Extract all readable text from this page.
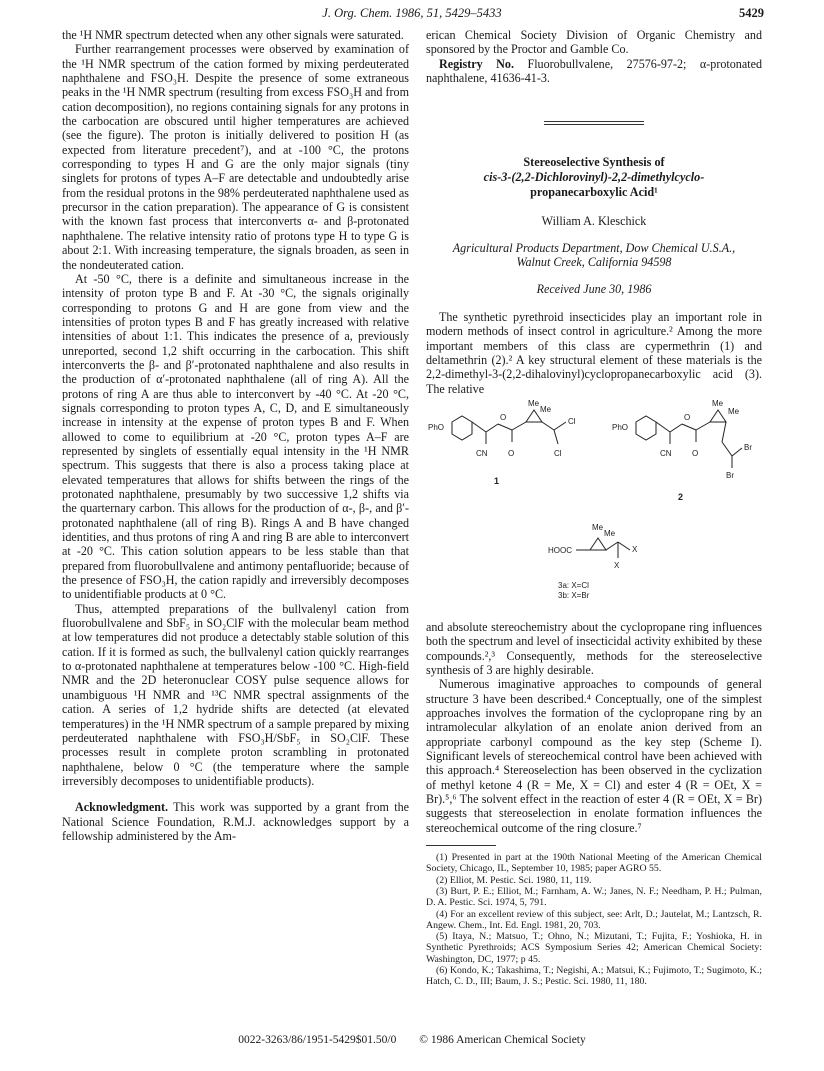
J. Org. Chem. 1986, 51, 5429–5433	5429

the ¹H NMR spectrum detected when any other signals were saturated.

Further rearrangement processes were observed by examination of the ¹H NMR spectrum of the cation formed by mixing perdeuterated naphthalene and FSO₃H. Despite the presence of some extraneous peaks in the ¹H NMR spectrum (resulting from excess FSO₃H and from cation decomposition), no regions containing signals for any protons in the carbocation are obscured until higher temperatures are achieved (see the figure). The proton is initially delivered to position H (as expected from literature precedent⁷), and at -100 °C, the protons corresponding to types H and G are the only major signals (tiny singlets for protons of types A–F are detectable and undoubtedly arise from the residual protons in the 98% perdeuterated naphthalene used as precursor in the cation preparation). The appearance of G is consistent with the known fast process that interconverts α- and β-protonated naphthalene. The relative intensity ratio of protons type H to type G is about 2:1. With increasing temperature, the signals broaden, as seen in the nondeuterated cation.

At -50 °C, there is a definite and simultaneous increase in the intensity of proton type B and F. At -30 °C, the signals originally corresponding to protons G and H are gone from view and the intensities of proton types B and F has greatly increased with relative intensities of about 1:1. This indicates the presence of a, previously unreported, second 1,2 shift occurring in the carbocation. This shift interconverts the β- and β′-protonated naphthalene and also results in the production of α′-protonated naphthalene (all of ring A). All the protons of ring A are thus able to interconvert by -40 °C. At -20 °C, signals corresponding to proton types A, C, D, and E simultaneously increase in intensity at the expense of proton types B and F. When allowed to come to equilibrium at -20 °C, proton types A–F are represented by singlets of essentially equal intensity in the ¹H NMR spectrum. This suggests that there is also a process taking place at elevated temperatures that allows for shifts between the rings of the protonated naphthalene, presumably by two successive 1,2 shifts via the quarternary carbon. This allows for the production of α-, β-, and β′-protonated naphthalene (all of ring B). Rings A and B have changed identities, and thus protons of ring A and ring B are able to interconvert at -20 °C. This cation solution appears to be less stable than that prepared from fluorobullvalene and antimony pentafluoride; because of the presence of FSO₃H, the cation rapidly and irreversibly decomposes to unidentifiable products at 0 °C.

Thus, attempted preparations of the bullvalenyl cation from fluorobullvalene and SbF₅ in SO₂ClF with the molecular beam method at low temperatures did not produce a detectably stable solution of this cation. If it is formed as such, the bullvalenyl cation quickly rearranges to α-protonated naphthalene at temperatures below -100 °C. High-field NMR and the 2D heteronuclear COSY pulse sequence allows for unambiguous ¹H NMR and ¹³C NMR spectral assignments of the cation. A series of 1,2 hydride shifts are detected (at elevated temperatures) in the ¹H NMR spectrum of a sample prepared by mixing perdeuterated naphthalene with FSO₃H/SbF₅ in SO₂ClF. These processes result in complete proton scrambling in protonated naphthalene, below 0 °C (the temperature where the sample irreversibly decomposes to unidentifiable products).

Acknowledgment. This work was supported by a grant from the National Science Foundation, R.M.J. acknowledges support by a fellowship administered by the Am-

erican Chemical Society Division of Organic Chemistry and sponsored by the Proctor and Gamble Co.

Registry No. Fluorobullvalene, 27576-97-2; α-protonated naphthalene, 41636-41-3.

Stereoselective Synthesis of

cis-3-(2,2-Dichlorovinyl)-2,2-dimethylcyclo-

propanecarboxylic Acid¹

William A. Kleschick
Agricultural Products Department, Dow Chemical U.S.A.,
Walnut Creek, California 94598
Received June 30, 1986

The synthetic pyrethroid insecticides play an important role in modern methods of insect control in agriculture.² Among the more important members of this class are cypermethrin (1) and deltamethrin (2).² A key structural element of these materials is the 2,2-dimethyl-3-(2,2-dihalovinyl)cyclopropanecarboxylic acid (3). The relative

PhO
CN	O
O
Me
Me
Cl
Cl
1
PhO
CN	O
O
Me
Me
Br
Br
2
HOOC
Me
Me
X
X
3a: X=Cl
3b: X=Br

and absolute stereochemistry about the cyclopropane ring influences both the spectrum and level of insecticidal activity exhibited by these compounds.²,³ Consequently, methods for the stereoselective synthesis of 3 are highly desirable.

Numerous imaginative approaches to compounds of general structure 3 have been described.⁴ Conceptually, one of the simplest approaches involves the formation of the cyclopropane ring by an intramolecular alkylation of an enolate anion derived from an appropriate carbonyl compound as the key step (Scheme I). Significant levels of stereochemical control have been achieved with this approach.⁴ Stereoselection has been observed in the cyclization of methyl ketone 4 (R = Me, X = Cl) and ester 4 (R = OEt, X = Br).⁵,⁶ The solvent effect in the reaction of ester 4 (R = OEt, X = Br) suggests that stereoselection in enolate formation influences the stereochemical outcome of the ring closure.⁷

(1) Presented in part at the 190th National Meeting of the American Chemical Society, Chicago, IL, September 10, 1985; paper AGRO 55.

(2) Elliot, M. Pestic. Sci. 1980, 11, 119.

(3) Burt, P. E.; Elliot, M.; Farnham, A. W.; Janes, N. F.; Needham, P. H.; Pulman, D. A. Pestic. Sci. 1974, 5, 791.

(4) For an excellent review of this subject, see: Arlt, D.; Jautelat, M.; Lantzsch, R. Angew. Chem., Int. Ed. Engl. 1981, 20, 703.

(5) Itaya, N.; Matsuo, T.; Ohno, N.; Mizutani, T.; Fujita, F.; Yoshioka, H. in Synthetic Pyrethroids; ACS Symposium Series 42; American Chemical Society: Washington, DC, 1977; p 45.

(6) Kondo, K.; Takashima, T.; Negishi, A.; Matsui, K.; Fujimoto, T.; Sugimoto, K.; Hatch, C. D., III; Baum, J. S.; Pestic. Sci. 1980, 11, 180.

0022-3263/86/1951-5429$01.50/0 © 1986 American Chemical Society
